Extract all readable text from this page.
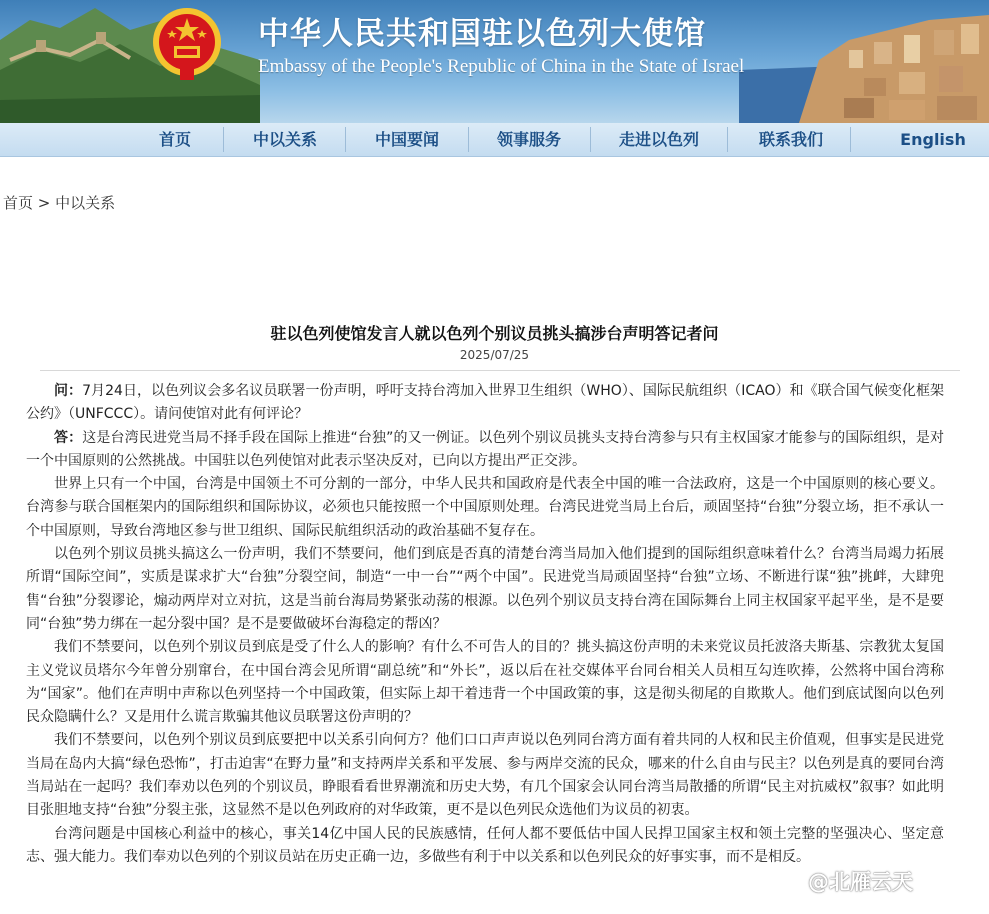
中华人民共和国驻以色列大使馆
Embassy of the People's Republic of China in the State of Israel
首页	中以关系	中国要闻	领事服务	走进以色列	联系我们	English
首页 > 中以关系
驻以色列使馆发言人就以色列个别议员挑头搞涉台声明答记者问
2025/07/25

问：7月24日，以色列议会多名议员联署一份声明，呼吁支持台湾加入世界卫生组织（WHO）、国际民航组织（ICAO）和《联合国气候变化框架公约》（UNFCCC）。请问使馆对此有何评论？

答：这是台湾民进党当局不择手段在国际上推进“台独”的又一例证。以色列个别议员挑头支持台湾参与只有主权国家才能参与的国际组织，是对一个中国原则的公然挑战。中国驻以色列使馆对此表示坚决反对，已向以方提出严正交涉。

世界上只有一个中国，台湾是中国领土不可分割的一部分，中华人民共和国政府是代表全中国的唯一合法政府，这是一个中国原则的核心要义。台湾参与联合国框架内的国际组织和国际协议，必须也只能按照一个中国原则处理。台湾民进党当局上台后，顽固坚持“台独”分裂立场，拒不承认一个中国原则，导致台湾地区参与世卫组织、国际民航组织活动的政治基础不复存在。

以色列个别议员挑头搞这么一份声明，我们不禁要问，他们到底是否真的清楚台湾当局加入他们提到的国际组织意味着什么？台湾当局竭力拓展所谓“国际空间”，实质是谋求扩大“台独”分裂空间，制造“一中一台”“两个中国”。民进党当局顽固坚持“台独”立场、不断进行谋“独”挑衅，大肆兜售“台独”分裂谬论，煽动两岸对立对抗，这是当前台海局势紧张动荡的根源。以色列个别议员支持台湾在国际舞台上同主权国家平起平坐，是不是要同“台独”势力绑在一起分裂中国？是不是要做破坏台海稳定的帮凶？

我们不禁要问，以色列个别议员到底是受了什么人的影响？有什么不可告人的目的？挑头搞这份声明的未来党议员托波洛夫斯基、宗教犹太复国主义党议员塔尔今年曾分别窜台，在中国台湾会见所谓“副总统”和“外长”，返以后在社交媒体平台同台相关人员相互勾连吹捧，公然将中国台湾称为“国家”。他们在声明中声称以色列坚持一个中国政策，但实际上却干着违背一个中国政策的事，这是彻头彻尾的自欺欺人。他们到底试图向以色列民众隐瞒什么？又是用什么谎言欺骗其他议员联署这份声明的？

我们不禁要问，以色列个别议员到底要把中以关系引向何方？他们口口声声说以色列同台湾方面有着共同的人权和民主价值观，但事实是民进党当局在岛内大搞“绿色恐怖”，打击迫害“在野力量”和支持两岸关系和平发展、参与两岸交流的民众，哪来的什么自由与民主？以色列是真的要同台湾当局站在一起吗？我们奉劝以色列的个别议员，睁眼看看世界潮流和历史大势，有几个国家会认同台湾当局散播的所谓“民主对抗威权”叙事？如此明目张胆地支持“台独”分裂主张，这显然不是以色列政府的对华政策，更不是以色列民众选他们为议员的初衷。

台湾问题是中国核心利益中的核心，事关14亿中国人民的民族感情，任何人都不要低估中国人民捍卫国家主权和领土完整的坚强决心、坚定意志、强大能力。我们奉劝以色列的个别议员站在历史正确一边，多做些有利于中以关系和以色列民众的好事实事，而不是相反。

@北雁云天
